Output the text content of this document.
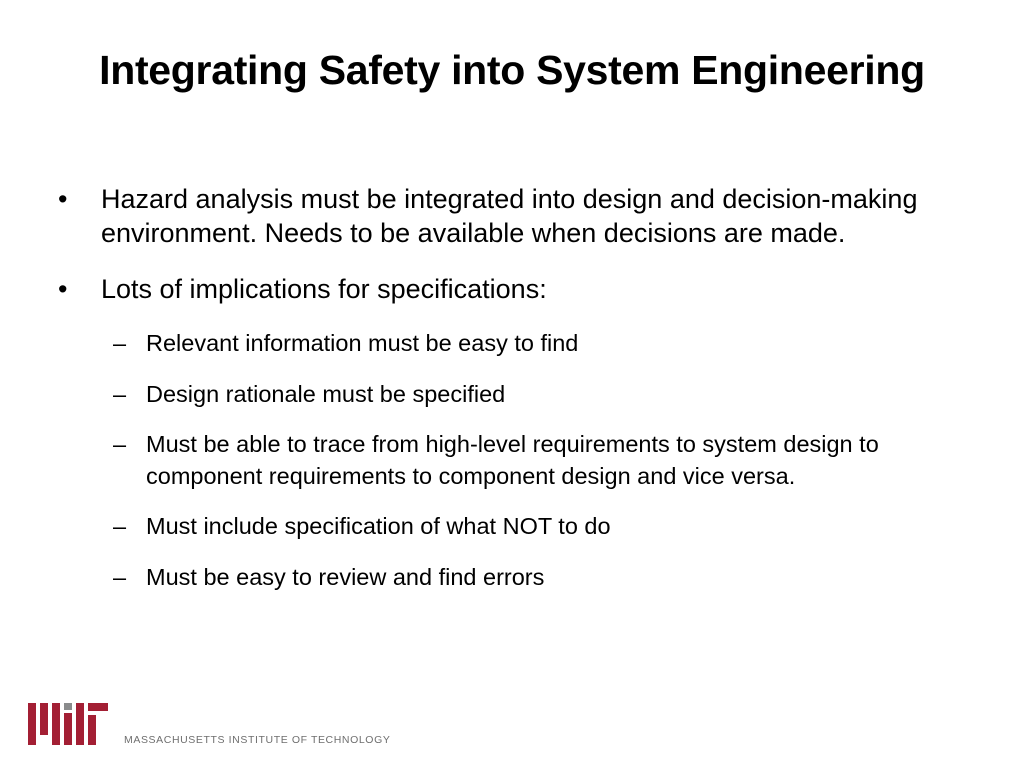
Integrating Safety into System Engineering
•	Hazard analysis must be integrated into design and decision-making environment. Needs to be available when decisions are made.
•	Lots of implications for specifications:
– Relevant information must be easy to find
– Design rationale must be specified
– Must be able to trace from high-level requirements to system design to component requirements to component design and vice versa.
– Must include specification of what NOT to do
– Must be easy to review and find errors
MASSACHUSETTS INSTITUTE OF TECHNOLOGY
